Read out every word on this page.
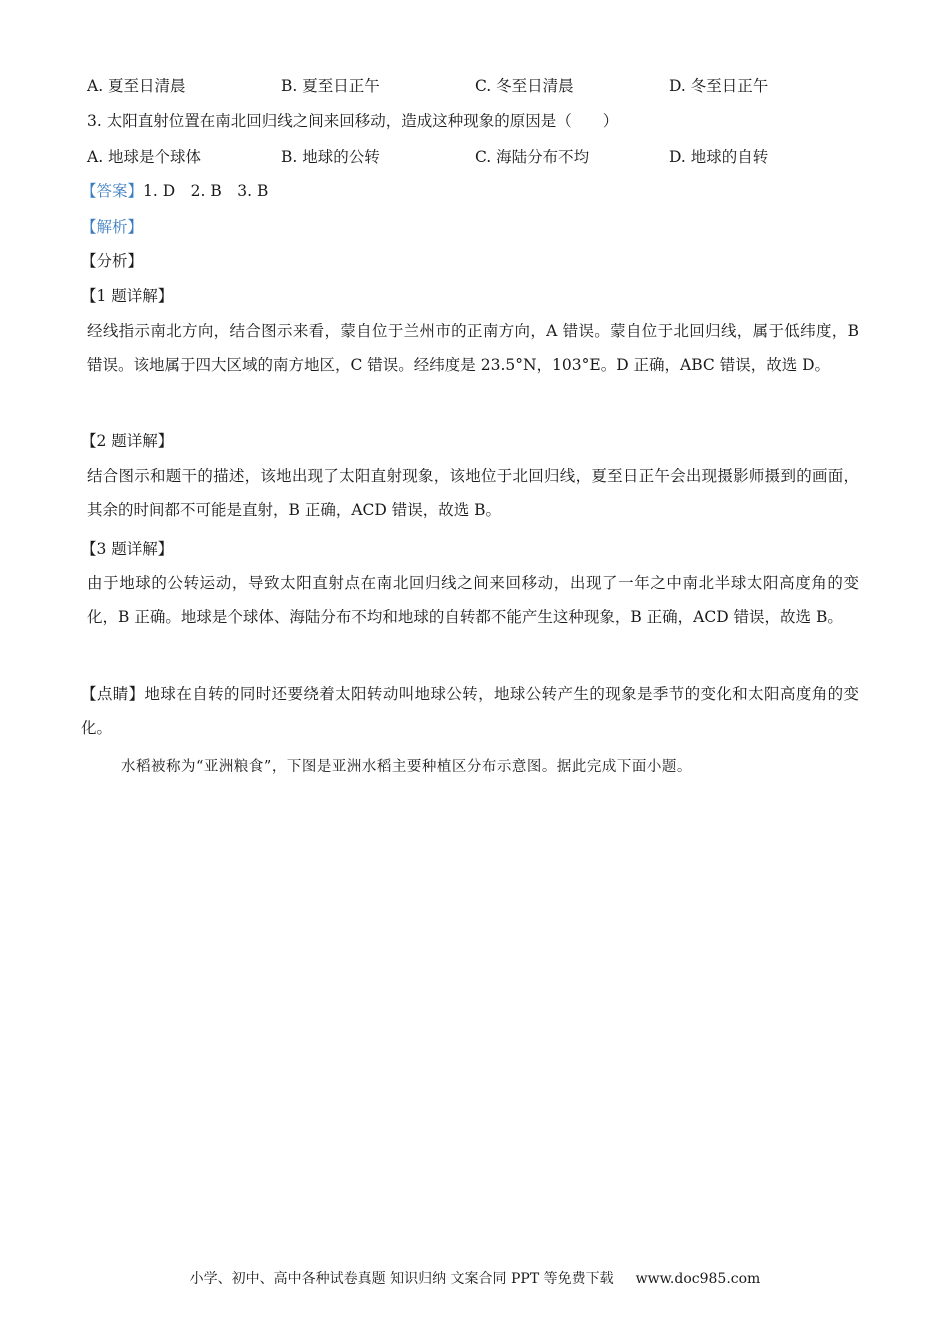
A. 夏至日清晨	B. 夏至日正午	C. 冬至日清晨	D. 冬至日正午
3. 太阳直射位置在南北回归线之间来回移动，造成这种现象的原因是（　　）
A. 地球是个球体	B. 地球的公转	C. 海陆分布不均	D. 地球的自转
【答案】1. D　2. B　3. B
【解析】
【分析】
【1 题详解】
经线指示南北方向，结合图示来看，蒙自位于兰州市的正南方向，A 错误。蒙自位于北回归线，属于低纬度，B 错误。该地属于四大区域的南方地区，C 错误。经纬度是 23.5°N，103°E。D 正确，ABC 错误，故选 D。
【2 题详解】
结合图示和题干的描述，该地出现了太阳直射现象，该地位于北回归线，夏至日正午会出现摄影师摄到的画面，其余的时间都不可能是直射，B 正确，ACD 错误，故选 B。
【3 题详解】
由于地球的公转运动，导致太阳直射点在南北回归线之间来回移动，出现了一年之中南北半球太阳高度角的变化，B 正确。地球是个球体、海陆分布不均和地球的自转都不能产生这种现象，B 正确，ACD 错误，故选 B。
【点睛】地球在自转的同时还要绕着太阳转动叫地球公转，地球公转产生的现象是季节的变化和太阳高度角的变化。
水稻被称为“亚洲粮食”，下图是亚洲水稻主要种植区分布示意图。据此完成下面小题。
小学、初中、高中各种试卷真题 知识归纳 文案合同 PPT 等免费下载 www.doc985.com
